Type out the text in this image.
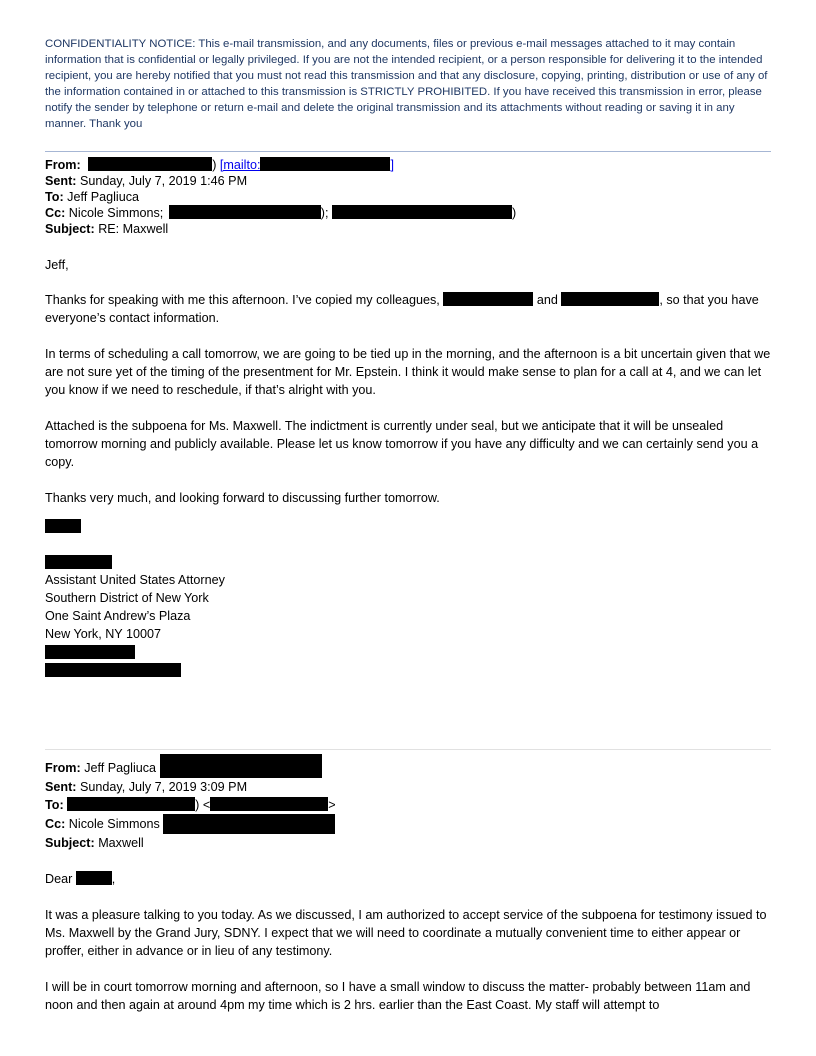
CONFIDENTIALITY NOTICE: This e-mail transmission, and any documents, files or previous e-mail messages attached to it may contain information that is confidential or legally privileged. If you are not the intended recipient, or a person responsible for delivering it to the intended recipient, you are hereby notified that you must not read this transmission and that any disclosure, copying, printing, distribution or use of any of the information contained in or attached to this transmission is STRICTLY PROHIBITED. If you have received this transmission in error, please notify the sender by telephone or return e-mail and delete the original transmission and its attachments without reading or saving it in any manner. Thank you

From:	) [mailto:	]
Sent: Sunday, July 7, 2019 1:46 PM
To: Jeff Pagliuca
Cc: Nicole Simmons;	);	)
Subject: RE: Maxwell

Jeff,

Thanks for speaking with me this afternoon. I’ve copied my colleagues,	and	, so that you have everyone’s contact information.

In terms of scheduling a call tomorrow, we are going to be tied up in the morning, and the afternoon is a bit uncertain given that we are not sure yet of the timing of the presentment for Mr. Epstein. I think it would make sense to plan for a call at 4, and we can let you know if we need to reschedule, if that’s alright with you.

Attached is the subpoena for Ms. Maxwell. The indictment is currently under seal, but we anticipate that it will be unsealed tomorrow morning and publicly available. Please let us know tomorrow if you have any difficulty and we can certainly send you a copy.

Thanks very much, and looking forward to discussing further tomorrow.

Assistant United States Attorney
Southern District of New York
One Saint Andrew’s Plaza
New York, NY 10007
From: Jeff Pagliuca
Sent: Sunday, July 7, 2019 3:09 PM
To:	) <	>
Cc: Nicole Simmons
Subject: Maxwell

Dear	,

It was a pleasure talking to you today. As we discussed, I am authorized to accept service of the subpoena for testimony issued to Ms. Maxwell by the Grand Jury, SDNY. I expect that we will need to coordinate a mutually convenient time to either appear or proffer, either in advance or in lieu of any testimony.

I will be in court tomorrow morning and afternoon, so I have a small window to discuss the matter- probably between 11am and noon and then again at around 4pm my time which is 2 hrs. earlier than the East Coast. My staff will attempt to
